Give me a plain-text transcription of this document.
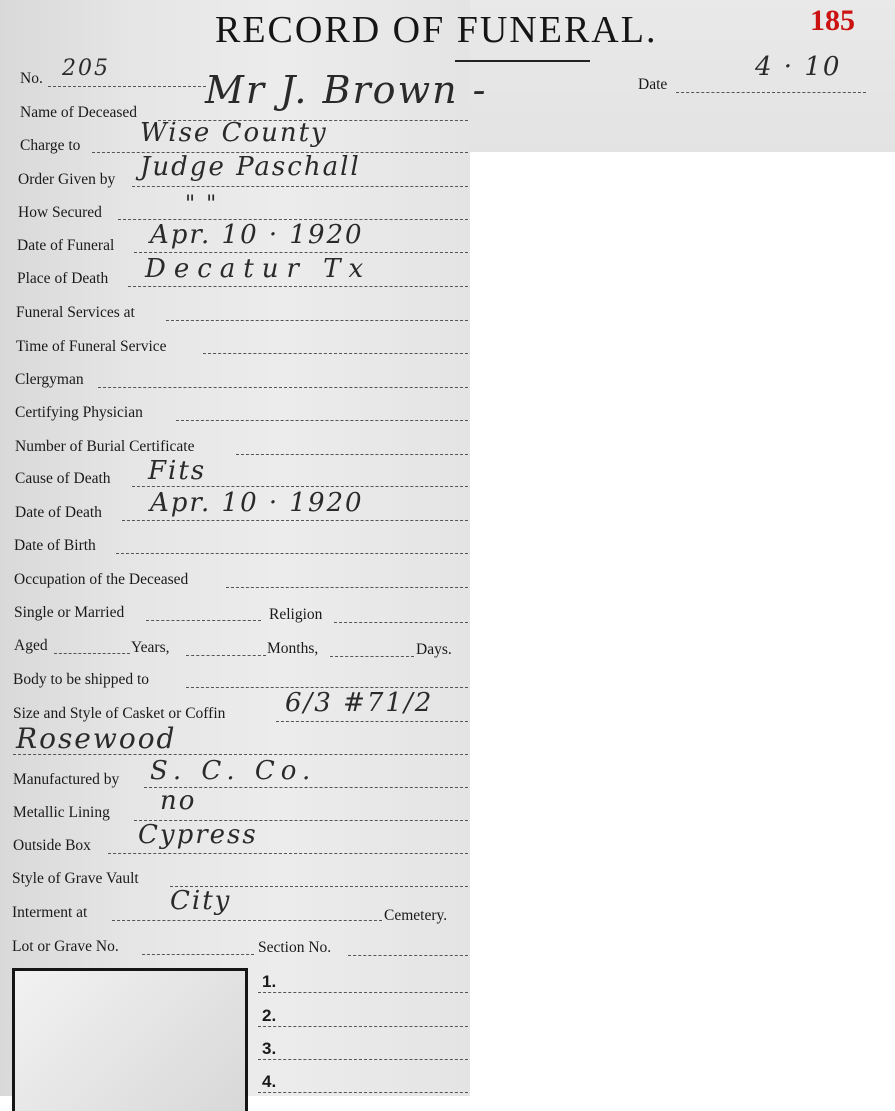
RECORD OF FUNERAL.	185
No. 205
Date
4 · 10
Name of Deceased
Mr J. Brown -
Charge to Wise County
Order Given by Judge Paschall
How Secured	" "
Date of Funeral Apr. 10 · 1920
Place of Death Decatur Tx
Funeral Services at
Time of Funeral Service
Clergyman
Certifying Physician
Number of Burial Certificate
Cause of Death Fits
Date of Death Apr. 10 · 1920
Date of Birth
Occupation of the Deceased
Single or Married	Religion
Aged	Years,	Months,	Days.
Body to be shipped to
Size and Style of Casket or Coffin 6/3 #71/2
Rosewood
Manufactured by S. C. Co.
Metallic Lining no
Outside Box Cypress
Style of Grave Vault
Interment at	City	Cemetery.
Lot or Grave No.	Section No.
1.
2.
3.
4.
